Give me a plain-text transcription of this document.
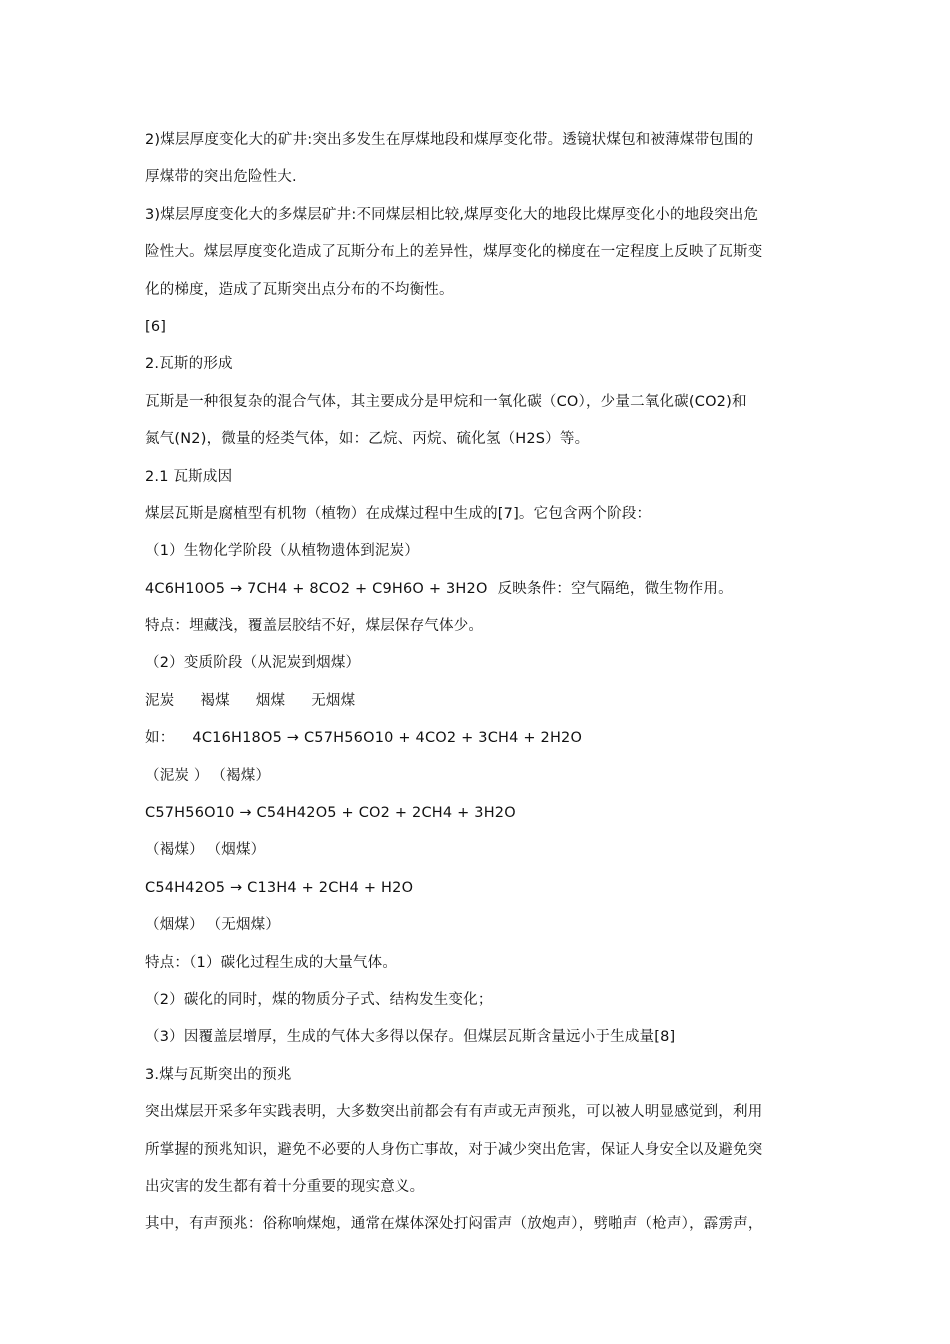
2)煤层厚度变化大的矿井:突出多发生在厚煤地段和煤厚变化带。透镜状煤包和被薄煤带包围的
厚煤带的突出危险性大.
3)煤层厚度变化大的多煤层矿井:不同煤层相比较,煤厚变化大的地段比煤厚变化小的地段突出危
险性大。煤层厚度变化造成了瓦斯分布上的差异性，煤厚变化的梯度在一定程度上反映了瓦斯变
化的梯度，造成了瓦斯突出点分布的不均衡性。
[6]
2.瓦斯的形成
瓦斯是一种很复杂的混合气体，其主要成分是甲烷和一氧化碳（CO），少量二氧化碳(CO2)和
氮气(N2)，微量的烃类气体，如：乙烷、丙烷、硫化氢（H2S）等。
2.1 瓦斯成因
煤层瓦斯是腐植型有机物（植物）在成煤过程中生成的[7]。它包含两个阶段：
（1）生物化学阶段（从植物遗体到泥炭）
4C6H10O5 → 7CH4 + 8CO2 + C9H6O + 3H2O 反映条件：空气隔绝，微生物作用。
特点：埋藏浅，覆盖层胶结不好，煤层保存气体少。
（2）变质阶段（从泥炭到烟煤）
泥炭 褐煤 烟煤 无烟煤
如： 4C16H18O5 → C57H56O10 + 4CO2 + 3CH4 + 2H2O
（泥炭 ） （褐煤）
C57H56O10 → C54H42O5 + CO2 + 2CH4 + 3H2O
（褐煤） （烟煤）
C54H42O5 → C13H4 + 2CH4 + H2O
（烟煤） （无烟煤）
特点：（1）碳化过程生成的大量气体。
（2）碳化的同时，煤的物质分子式、结构发生变化；
（3）因覆盖层增厚，生成的气体大多得以保存。但煤层瓦斯含量远小于生成量[8]
3.煤与瓦斯突出的预兆
突出煤层开采多年实践表明，大多数突出前都会有有声或无声预兆，可以被人明显感觉到，利用
所掌握的预兆知识，避免不必要的人身伤亡事故，对于减少突出危害，保证人身安全以及避免突
出灾害的发生都有着十分重要的现实意义。
其中，有声预兆：俗称响煤炮，通常在煤体深处打闷雷声（放炮声），劈啪声（枪声），霹雳声，
